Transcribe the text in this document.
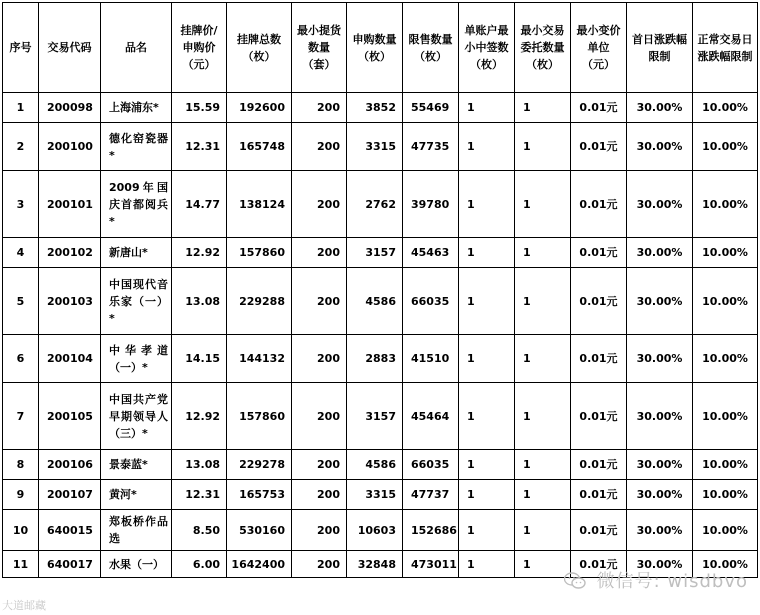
序号	交易代码	品名	挂牌价/申购价（元）	挂牌总数（枚）	最小提货数量（套）	申购数量（枚）	限售数量（枚）	单账户最小中签数（枚）	最小交易委托数量（枚）	最小变价单位（元）	首日涨跌幅限制	正常交易日涨跌幅限制
1	200098	上海浦东*	15.59	192600	200	3852	55469	1	1	0.01元	30.00%	10.00%
2	200100	德化窑瓷器*	12.31	165748	200	3315	47735	1	1	0.01元	30.00%	10.00%
3	200101	2009年国庆首都阅兵*	14.77	138124	200	2762	39780	1	1	0.01元	30.00%	10.00%
4	200102	新唐山*	12.92	157860	200	3157	45463	1	1	0.01元	30.00%	10.00%
5	200103	中国现代音乐家（一）*	13.08	229288	200	4586	66035	1	1	0.01元	30.00%	10.00%
6	200104	中华孝道（一）*	14.15	144132	200	2883	41510	1	1	0.01元	30.00%	10.00%
7	200105	中国共产党早期领导人（三）*	12.92	157860	200	3157	45464	1	1	0.01元	30.00%	10.00%
8	200106	景泰蓝*	13.08	229278	200	4586	66035	1	1	0.01元	30.00%	10.00%
9	200107	黄河*	12.31	165753	200	3315	47737	1	1	0.01元	30.00%	10.00%
10	640015	郑板桥作品选	8.50	530160	200	10603	152686	1	1	0.01元	30.00%	10.00%
11	640017	水果（一）	6.00	1642400	200	32848	473011	1	1	0.01元	30.00%	10.00%
微信号: wisdbvo
大道邮藏
